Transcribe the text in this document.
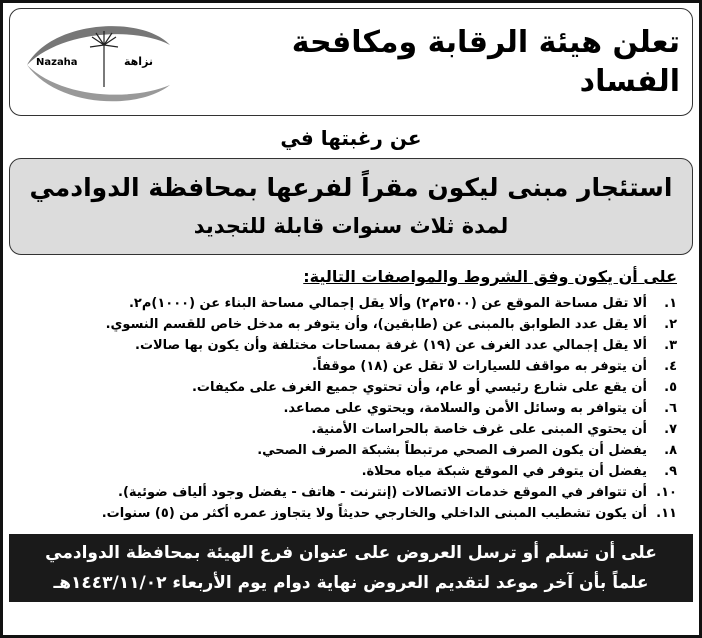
تعلن هيئة الرقابة ومكافحة الفساد
Nazaha	نزاهة
عن رغبتها في
استئجار مبنى ليكون مقراً لفرعها بمحافظة الدوادمي
لمدة ثلاث سنوات قابلة للتجديد
على أن يكون وفق الشروط والمواصفات التالية:
١.
ألا تقل مساحة الموقع عن (٢٥٠٠م٢) وألا يقل إجمالي مساحة البناء عن (١٠٠٠)م٢.
٢.
ألا يقل عدد الطوابق بالمبنى عن (طابقين)، وأن يتوفر به مدخل خاص للقسم النسوي.
٣.
ألا يقل إجمالي عدد الغرف عن (١٩) غرفة بمساحات مختلفة وأن يكون بها صالات.
٤.
أن يتوفر به مواقف للسيارات لا تقل عن (١٨) موقفاً.
٥.
أن يقع على شارع رئيسي أو عام، وأن تحتوي جميع الغرف على مكيفات.
٦.
أن يتوافر به وسائل الأمن والسلامة، ويحتوي على مصاعد.
٧.
أن يحتوي المبنى على غرف خاصة بالحراسات الأمنية.
٨.
يفضل أن يكون الصرف الصحي مرتبطاً بشبكة الصرف الصحي.
٩.
يفضل أن يتوفر في الموقع شبكة مياه محلاة.
١٠.
أن تتوافر في الموقع خدمات الاتصالات (إنترنت - هاتف - يفضل وجود ألياف ضوئية).
١١.
أن يكون تشطيب المبنى الداخلي والخارجي حديثاً ولا يتجاوز عمره أكثر من (٥) سنوات.
على أن تسلم أو ترسل العروض على عنوان فرع الهيئة بمحافظة الدوادمي
علماً بأن آخر موعد لتقديم العروض نهاية دوام يوم الأربعاء ١٤٤٣/١١/٠٢هـ
